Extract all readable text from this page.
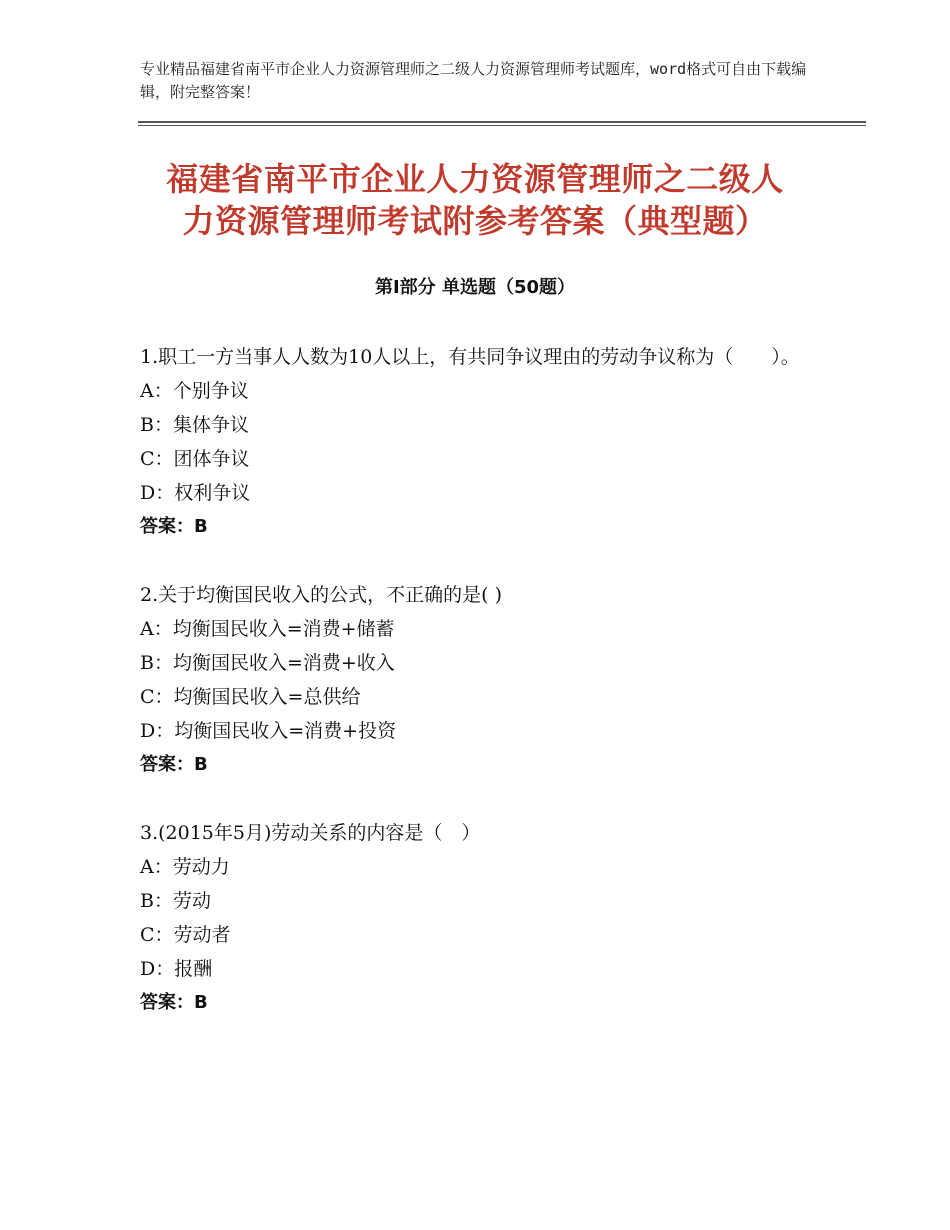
专业精品福建省南平市企业人力资源管理师之二级人力资源管理师考试题库，word格式可自由下载编辑，附完整答案！
福建省南平市企业人力资源管理师之二级人
力资源管理师考试附参考答案（典型题）
第Ⅰ部分 单选题（50题）
1.职工一方当事人人数为10人以上，有共同争议理由的劳动争议称为（　　）。
A：个别争议
B：集体争议
C：团体争议
D：权利争议
答案：B
2.关于均衡国民收入的公式，不正确的是( )
A：均衡国民收入=消费+储蓄
B：均衡国民收入=消费+收入
C：均衡国民收入=总供给
D：均衡国民收入=消费+投资
答案：B
3.(2015年5月)劳动关系的内容是（　）
A：劳动力
B：劳动
C：劳动者
D：报酬
答案：B
